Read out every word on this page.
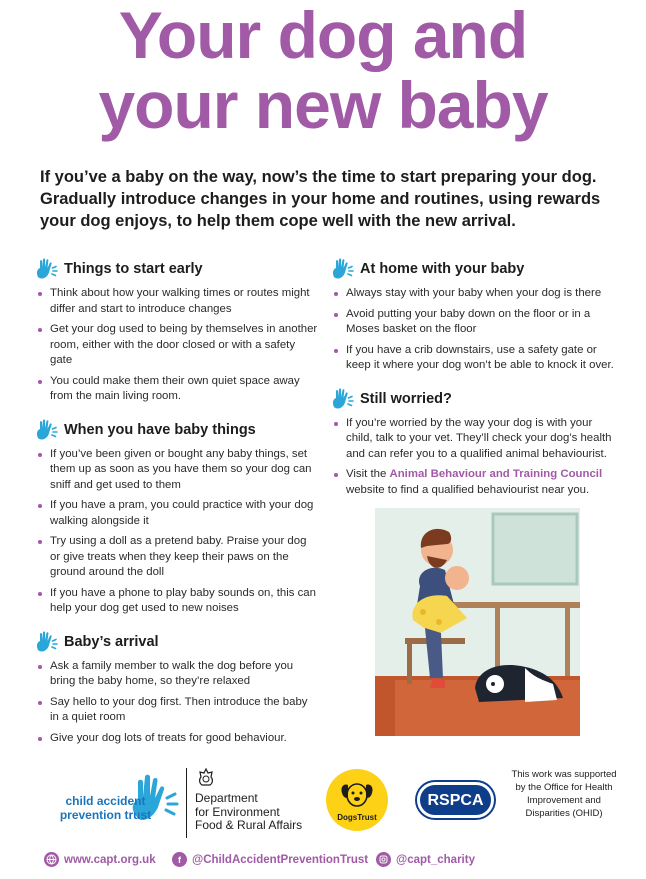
Your dog and
your new baby

If you’ve a baby on the way, now’s the time to start preparing your dog. Gradually introduce changes in your home and routines, using rewards your dog enjoys, to help them cope well with the new arrival.

Things to start early
Think about how your walking times or routes might differ and start to introduce changes
Get your dog used to being by themselves in another room, either with the door closed or with a safety gate
You could make them their own quiet space away from the main living room.
When you have baby things
If you’ve been given or bought any baby things, set them up as soon as you have them so your dog can sniff and get used to them
If you have a pram, you could practice with your dog walking alongside it
Try using a doll as a pretend baby. Praise your dog or give treats when they keep their paws on the ground around the doll
If you have a phone to play baby sounds on, this can help your dog get used to new noises
Baby’s arrival
Ask a family member to walk the dog before you bring the baby home, so they’re relaxed
Say hello to your dog first. Then introduce the baby in a quiet room
Give your dog lots of treats for good behaviour.
At home with your baby
Always stay with your baby when your dog is there
Avoid putting your baby down on the floor or in a Moses basket on the floor
If you have a crib downstairs, use a safety gate or keep it where your dog won’t be able to knock it over.
Still worried?
If you’re worried by the way your dog is with your child, talk to your vet. They’ll check your dog’s health and can refer you to a qualified animal behaviourist.
Visit the Animal Behaviour and Training Council website to find a qualified behaviourist near you.
child accident
prevention trust
Department
for Environment
Food & Rural Affairs
DogsTrust
RSPCA
This work was supported by the Office for Health Improvement and Disparities (OHID)
www.capt.org.uk	f @ChildAccidentPreventionTrust @capt_charity
